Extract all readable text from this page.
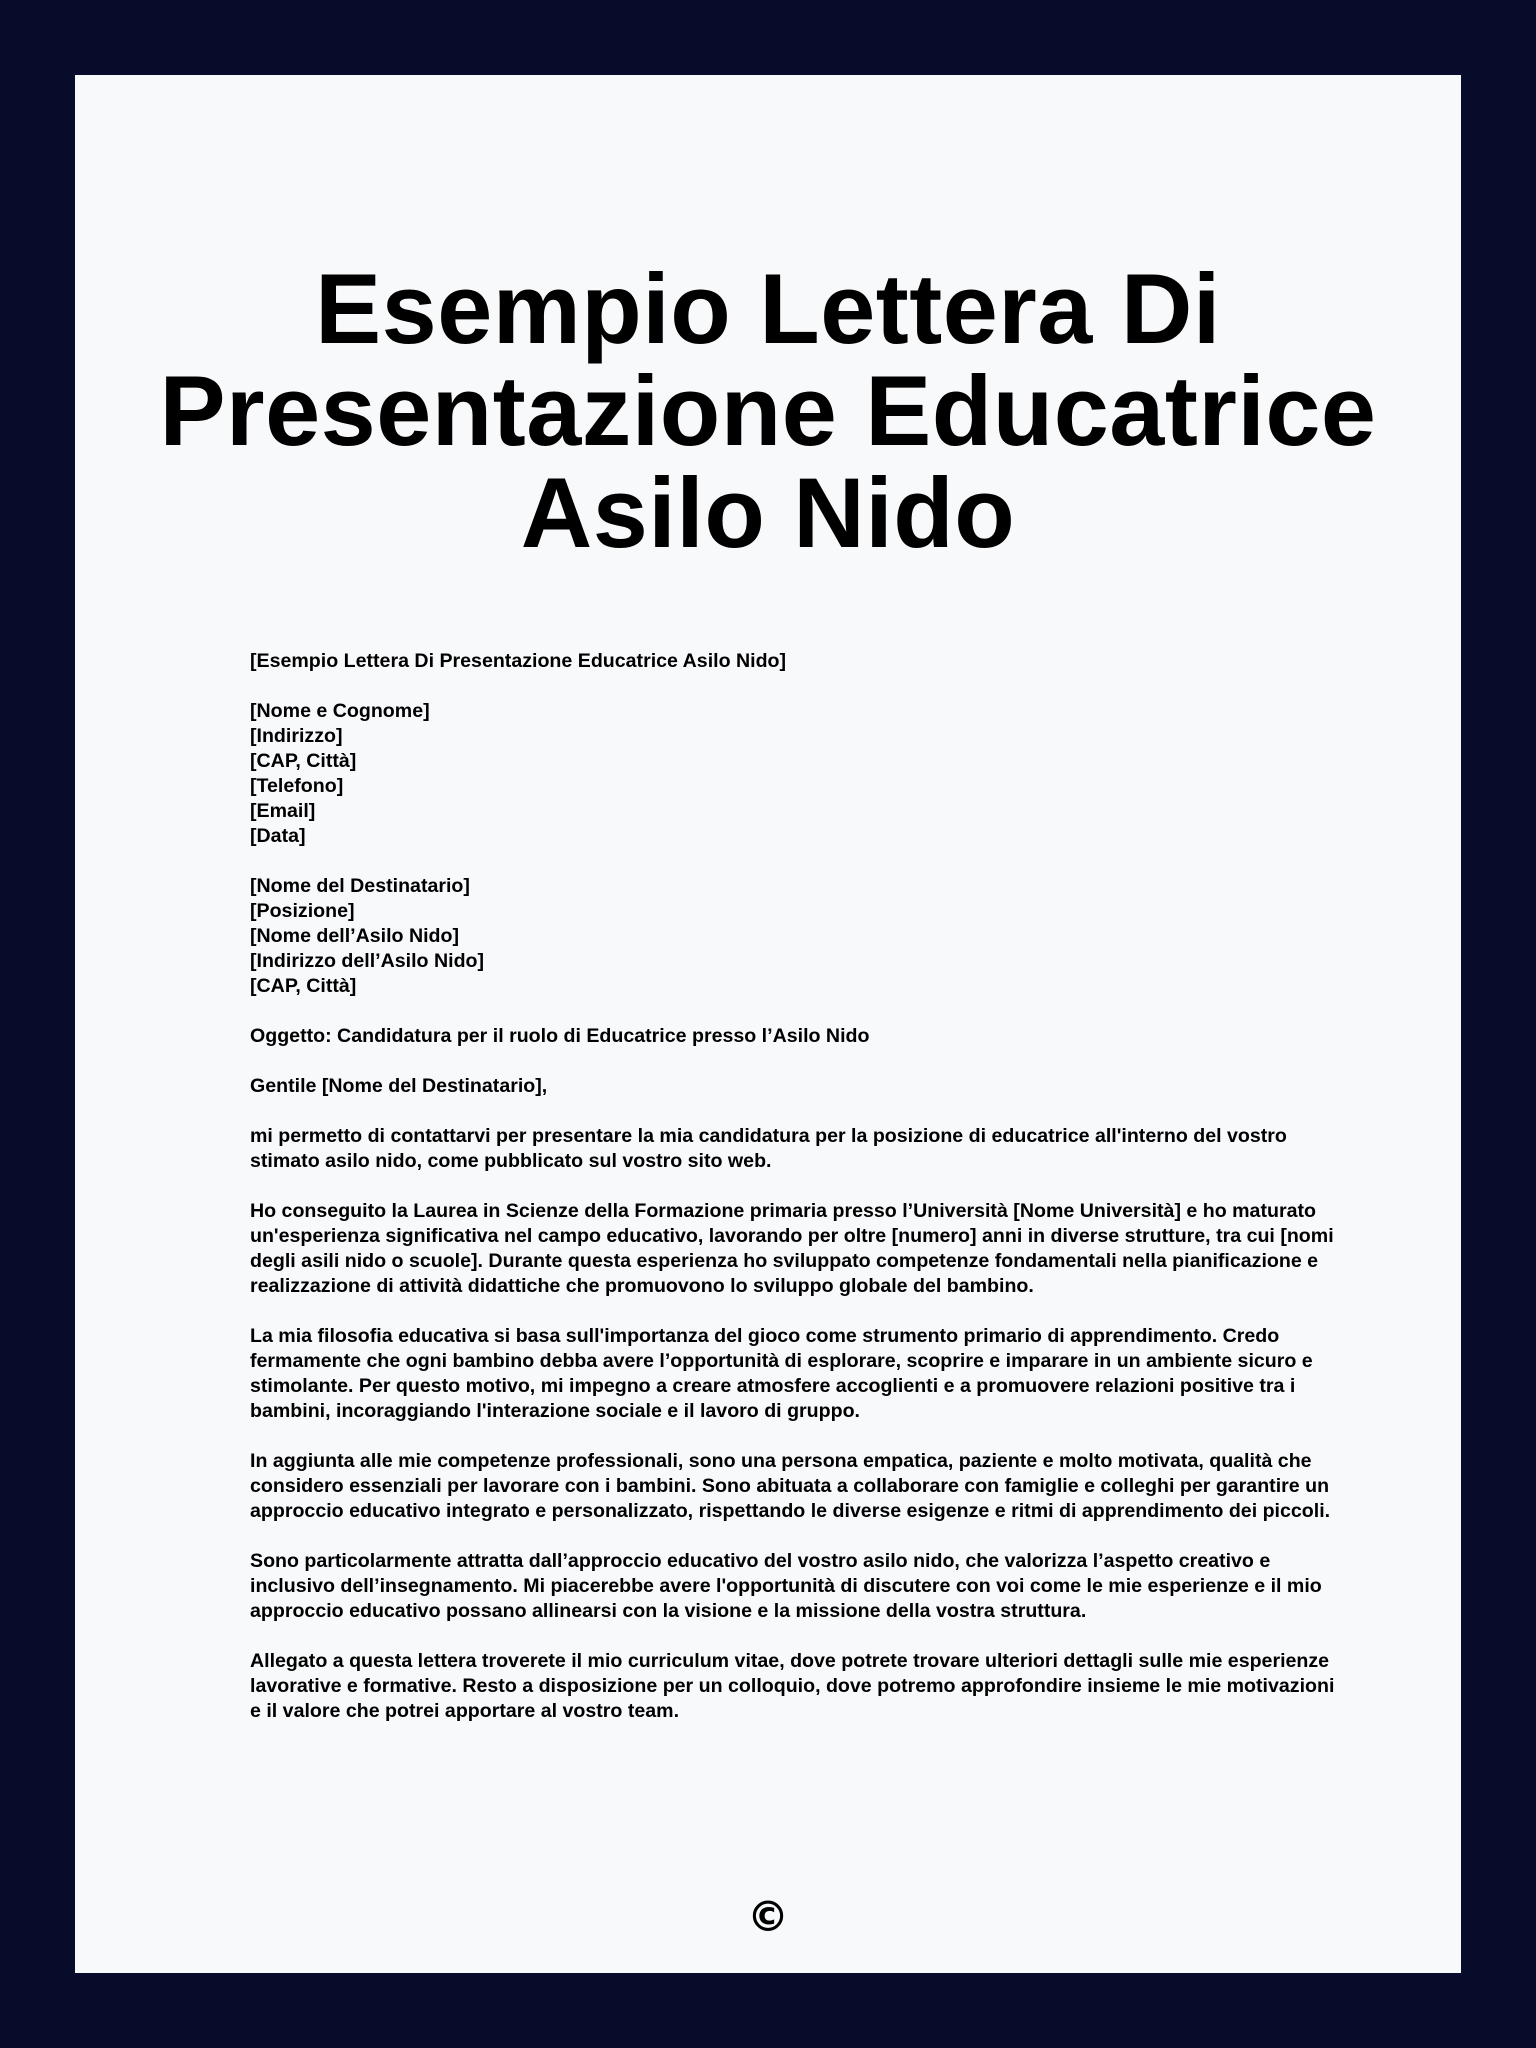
Esempio Lettera Di
Presentazione Educatrice
Asilo Nido

[Esempio Lettera Di Presentazione Educatrice Asilo Nido]

[Nome e Cognome]
[Indirizzo]
[CAP, Città]
[Telefono]
[Email]
[Data]

[Nome del Destinatario]
[Posizione]
[Nome dell’Asilo Nido]
[Indirizzo dell’Asilo Nido]
[CAP, Città]

Oggetto: Candidatura per il ruolo di Educatrice presso l’Asilo Nido

Gentile [Nome del Destinatario],

mi permetto di contattarvi per presentare la mia candidatura per la posizione di educatrice all'interno del vostro stimato asilo nido, come pubblicato sul vostro sito web.

Ho conseguito la Laurea in Scienze della Formazione primaria presso l’Università [Nome Università] e ho maturato un'esperienza significativa nel campo educativo, lavorando per oltre [numero] anni in diverse strutture, tra cui [nomi degli asili nido o scuole]. Durante questa esperienza ho sviluppato competenze fondamentali nella pianificazione e realizzazione di attività didattiche che promuovono lo sviluppo globale del bambino.

La mia filosofia educativa si basa sull'importanza del gioco come strumento primario di apprendimento. Credo fermamente che ogni bambino debba avere l’opportunità di esplorare, scoprire e imparare in un ambiente sicuro e stimolante. Per questo motivo, mi impegno a creare atmosfere accoglienti e a promuovere relazioni positive tra i bambini, incoraggiando l'interazione sociale e il lavoro di gruppo.

In aggiunta alle mie competenze professionali, sono una persona empatica, paziente e molto motivata, qualità che considero essenziali per lavorare con i bambini. Sono abituata a collaborare con famiglie e colleghi per garantire un approccio educativo integrato e personalizzato, rispettando le diverse esigenze e ritmi di apprendimento dei piccoli.

Sono particolarmente attratta dall’approccio educativo del vostro asilo nido, che valorizza l’aspetto creativo e inclusivo dell’insegnamento. Mi piacerebbe avere l'opportunità di discutere con voi come le mie esperienze e il mio approccio educativo possano allinearsi con la visione e la missione della vostra struttura.

Allegato a questa lettera troverete il mio curriculum vitae, dove potrete trovare ulteriori dettagli sulle mie esperienze lavorative e formative. Resto a disposizione per un colloquio, dove potremo approfondire insieme le mie motivazioni e il valore che potrei apportare al vostro team.

©
